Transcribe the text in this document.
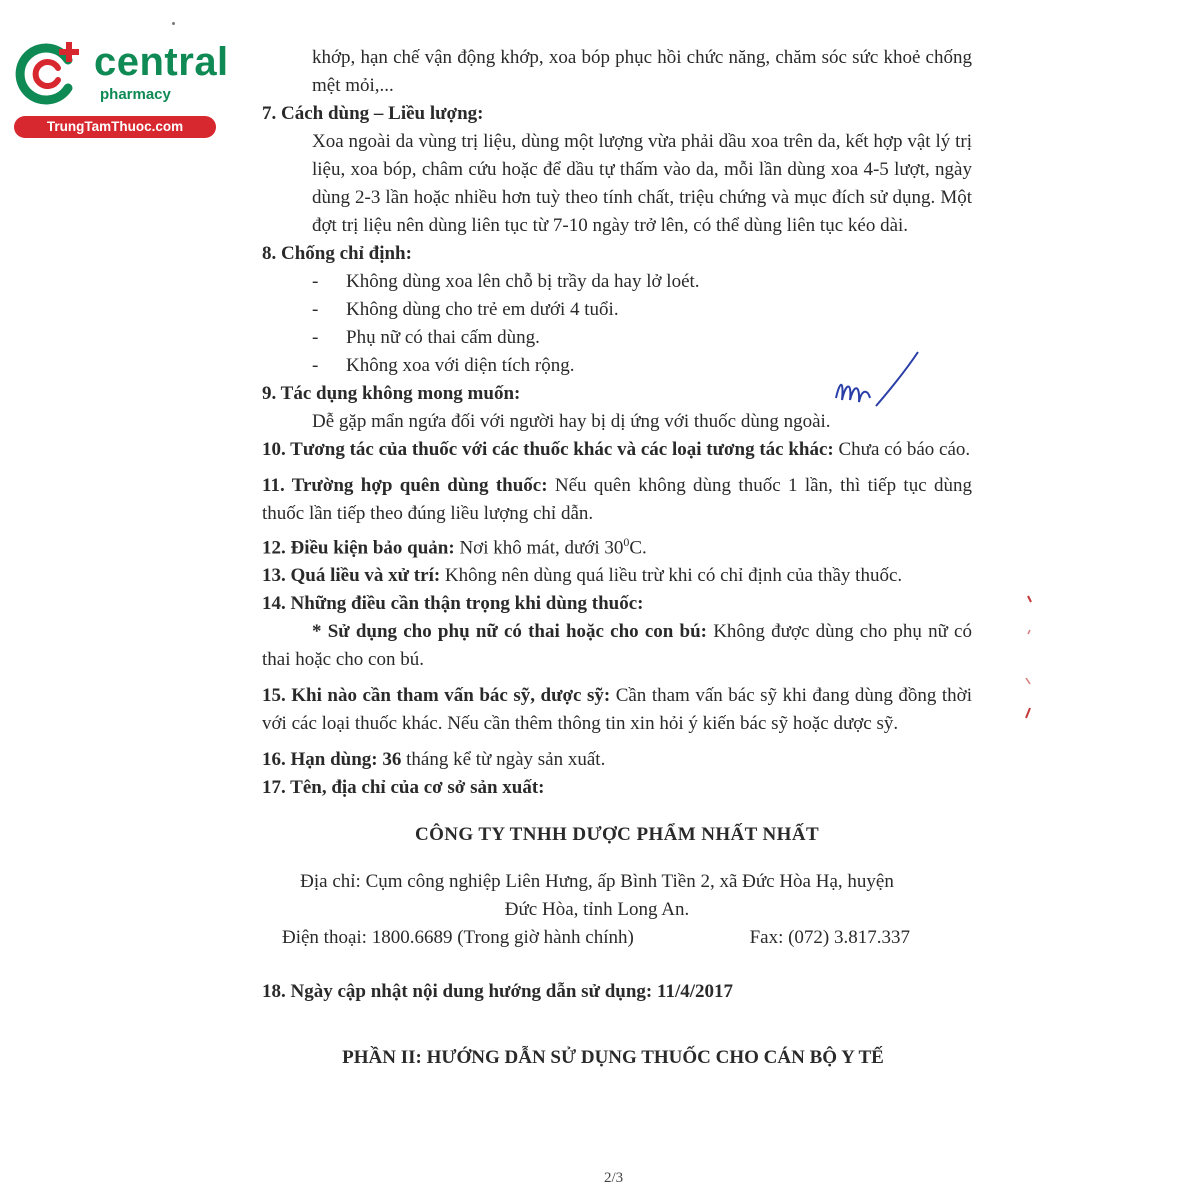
central
pharmacy
TrungTamThuoc.com

khớp, hạn chế vận động khớp, xoa bóp phục hồi chức năng, chăm sóc sức khoẻ chống mệt mỏi,...

7. Cách dùng – Liều lượng:

Xoa ngoài da vùng trị liệu, dùng một lượng vừa phải dầu xoa trên da, kết hợp vật lý trị liệu, xoa bóp, châm cứu hoặc để dầu tự thấm vào da, mỗi lần dùng xoa 4-5 lượt, ngày dùng 2-3 lần hoặc nhiều hơn tuỳ theo tính chất, triệu chứng và mục đích sử dụng. Một đợt trị liệu nên dùng liên tục từ 7-10 ngày trở lên, có thể dùng liên tục kéo dài.

8. Chống chỉ định:

-	Không dùng xoa lên chỗ bị trầy da hay lở loét.
-	Không dùng cho trẻ em dưới 4 tuổi.
-	Phụ nữ có thai cấm dùng.
-	Không xoa với diện tích rộng.

9. Tác dụng không mong muốn:

Dễ gặp mẩn ngứa đối với người hay bị dị ứng với thuốc dùng ngoài.

10. Tương tác của thuốc với các thuốc khác và các loại tương tác khác: Chưa có báo cáo.

11. Trường hợp quên dùng thuốc: Nếu quên không dùng thuốc 1 lần, thì tiếp tục dùng thuốc lần tiếp theo đúng liều lượng chỉ dẫn.

12. Điều kiện bảo quản: Nơi khô mát, dưới $30^0C$.

13. Quá liều và xử trí: Không nên dùng quá liều trừ khi có chỉ định của thầy thuốc.

14. Những điều cần thận trọng khi dùng thuốc:

* Sử dụng cho phụ nữ có thai hoặc cho con bú: Không được dùng cho phụ nữ có thai hoặc cho con bú.

15. Khi nào cần tham vấn bác sỹ, dược sỹ: Cần tham vấn bác sỹ khi đang dùng đồng thời với các loại thuốc khác. Nếu cần thêm thông tin xin hỏi ý kiến bác sỹ hoặc dược sỹ.

16. Hạn dùng: 36 tháng kể từ ngày sản xuất.

17. Tên, địa chỉ của cơ sở sản xuất:

CÔNG TY TNHH DƯỢC PHẨM NHẤT NHẤT

Địa chỉ: Cụm công nghiệp Liên Hưng, ấp Bình Tiền 2, xã Đức Hòa Hạ, huyện

Đức Hòa, tỉnh Long An.

Điện thoại: 1800.6689 (Trong giờ hành chính)	Fax: (072) 3.817.337

18. Ngày cập nhật nội dung hướng dẫn sử dụng: 11/4/2017

PHẦN II: HƯỚNG DẪN SỬ DỤNG THUỐC CHO CÁN BỘ Y TẾ

2/3
